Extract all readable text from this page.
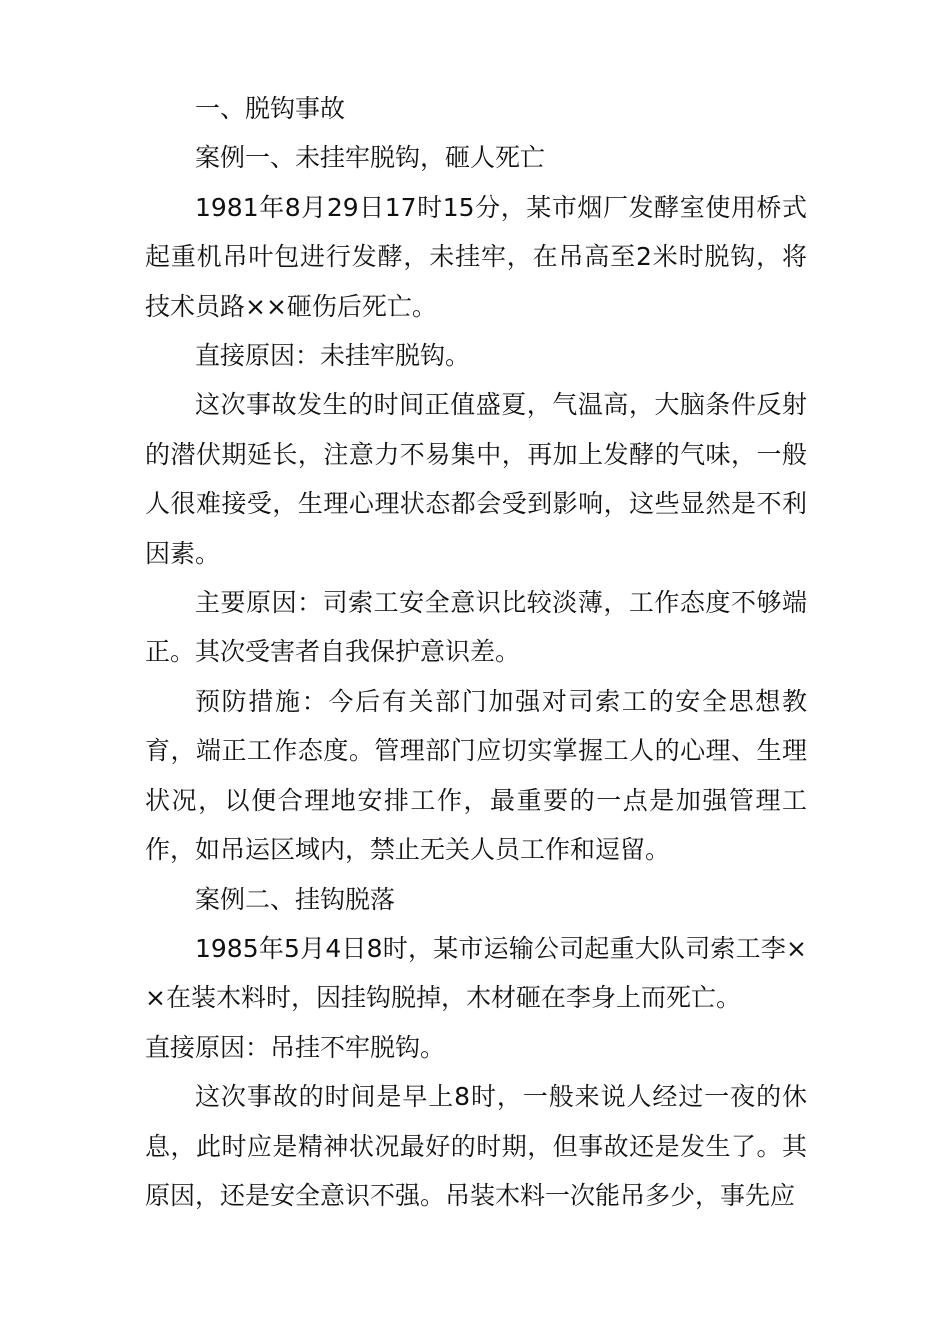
一、脱钩事故

案例一、未挂牢脱钩，砸人死亡

1981年8月29日17时15分，某市烟厂发酵室使用桥式起重机吊叶包进行发酵，未挂牢，在吊高至2米时脱钩，将技术员路××砸伤后死亡。

直接原因：未挂牢脱钩。

这次事故发生的时间正值盛夏，气温高，大脑条件反射的潜伏期延长，注意力不易集中，再加上发酵的气味，一般人很难接受，生理心理状态都会受到影响，这些显然是不利因素。

主要原因：司索工安全意识比较淡薄，工作态度不够端正。其次受害者自我保护意识差。

预防措施：今后有关部门加强对司索工的安全思想教育，端正工作态度。管理部门应切实掌握工人的心理、生理状况，以便合理地安排工作，最重要的一点是加强管理工作，如吊运区域内，禁止无关人员工作和逗留。

案例二、挂钩脱落

1985年5月4日8时，某市运输公司起重大队司索工李××在装木料时，因挂钩脱掉，木材砸在李身上而死亡。

直接原因：吊挂不牢脱钩。

这次事故的时间是早上8时，一般来说人经过一夜的休息，此时应是精神状况最好的时期，但事故还是发生了。其原因，还是安全意识不强。吊装木料一次能吊多少，事先应
